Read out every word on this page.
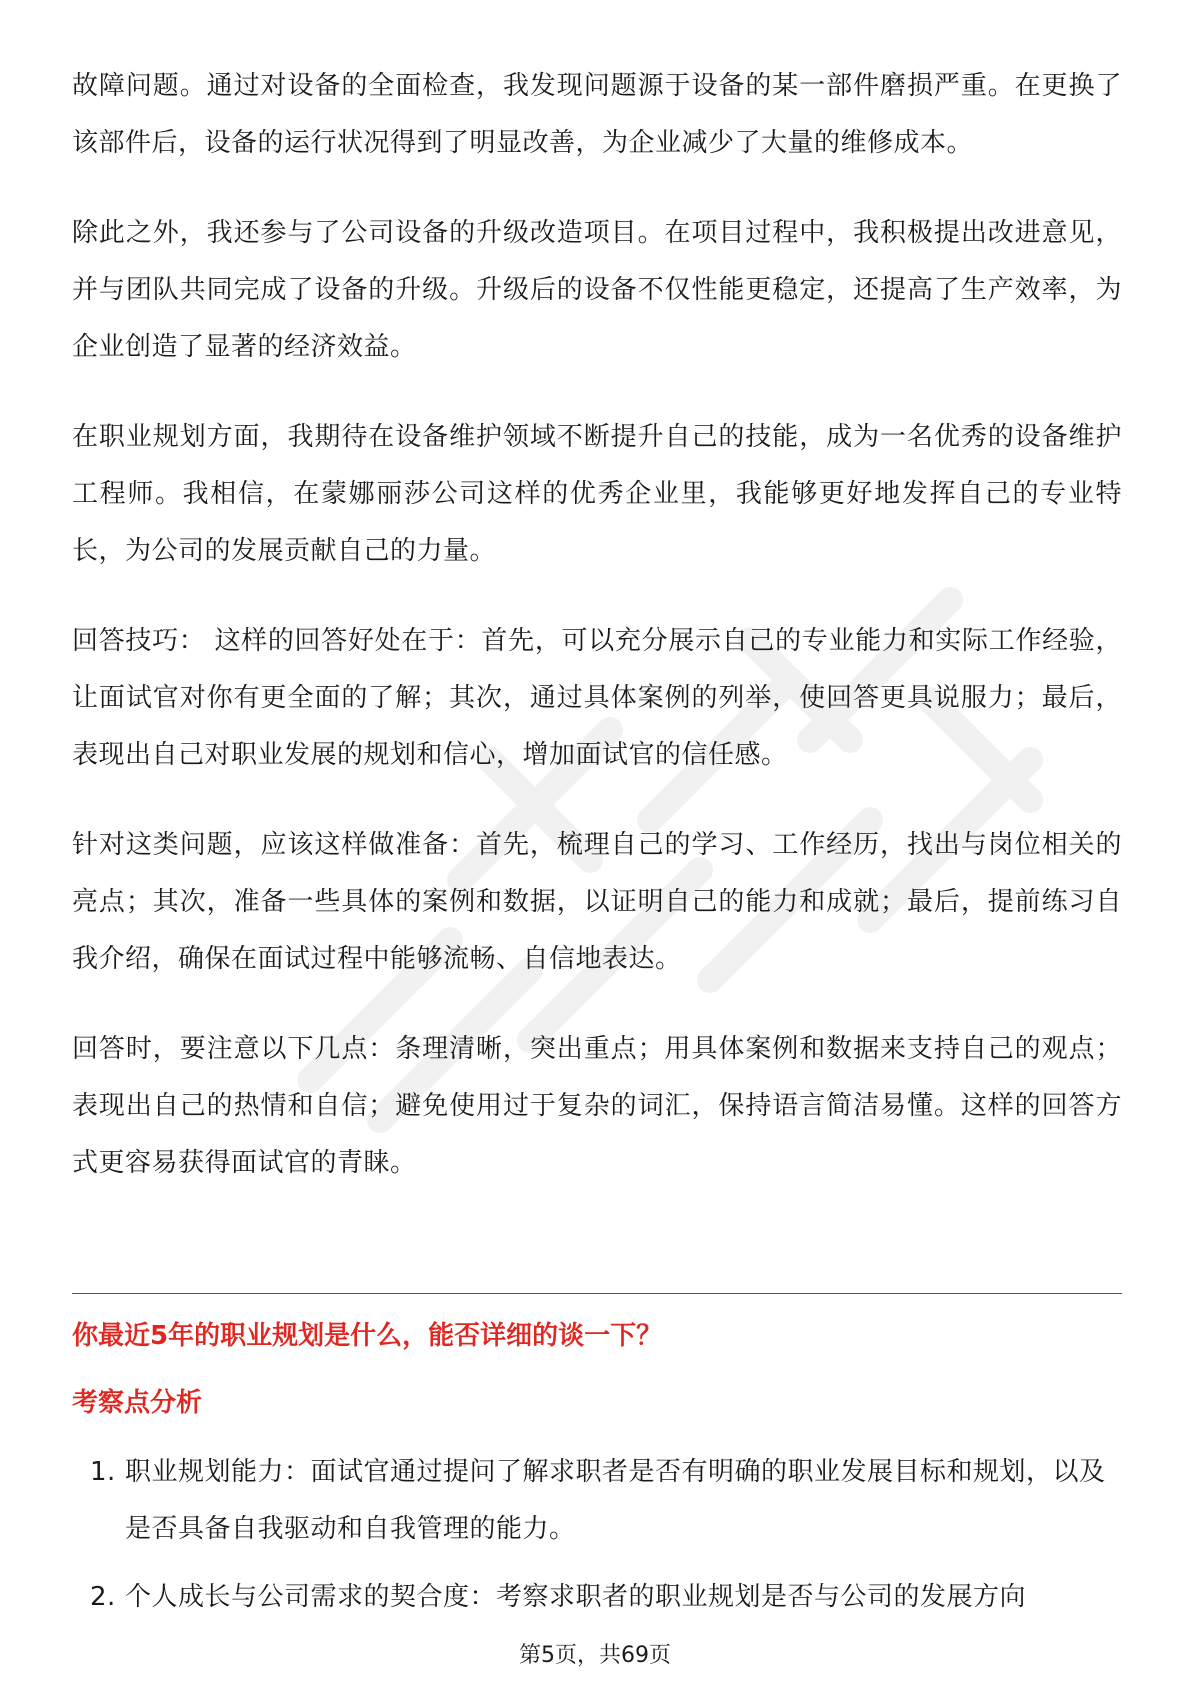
故障问题。通过对设备的全面检查，我发现问题源于设备的某一部件磨损严重。在更换了该部件后，设备的运行状况得到了明显改善，为企业减少了大量的维修成本。

除此之外，我还参与了公司设备的升级改造项目。在项目过程中，我积极提出改进意见，并与团队共同完成了设备的升级。升级后的设备不仅性能更稳定，还提高了生产效率，为企业创造了显著的经济效益。

在职业规划方面，我期待在设备维护领域不断提升自己的技能，成为一名优秀的设备维护工程师。我相信，在蒙娜丽莎公司这样的优秀企业里，我能够更好地发挥自己的专业特长，为公司的发展贡献自己的力量。

回答技巧： 这样的回答好处在于：首先，可以充分展示自己的专业能力和实际工作经验，让面试官对你有更全面的了解；其次，通过具体案例的列举，使回答更具说服力；最后，表现出自己对职业发展的规划和信心，增加面试官的信任感。

针对这类问题，应该这样做准备：首先，梳理自己的学习、工作经历，找出与岗位相关的亮点；其次，准备一些具体的案例和数据，以证明自己的能力和成就；最后，提前练习自我介绍，确保在面试过程中能够流畅、自信地表达。

回答时，要注意以下几点：条理清晰，突出重点；用具体案例和数据来支持自己的观点；表现出自己的热情和自信；避免使用过于复杂的词汇，保持语言简洁易懂。这样的回答方式更容易获得面试官的青睐。

你最近5年的职业规划是什么，能否详细的谈一下？
考察点分析
1. 职业规划能力：面试官通过提问了解求职者是否有明确的职业发展目标和规划，以及是否具备自我驱动和自我管理的能力。
2. 个人成长与公司需求的契合度：考察求职者的职业规划是否与公司的发展方向
第5页，共69页
